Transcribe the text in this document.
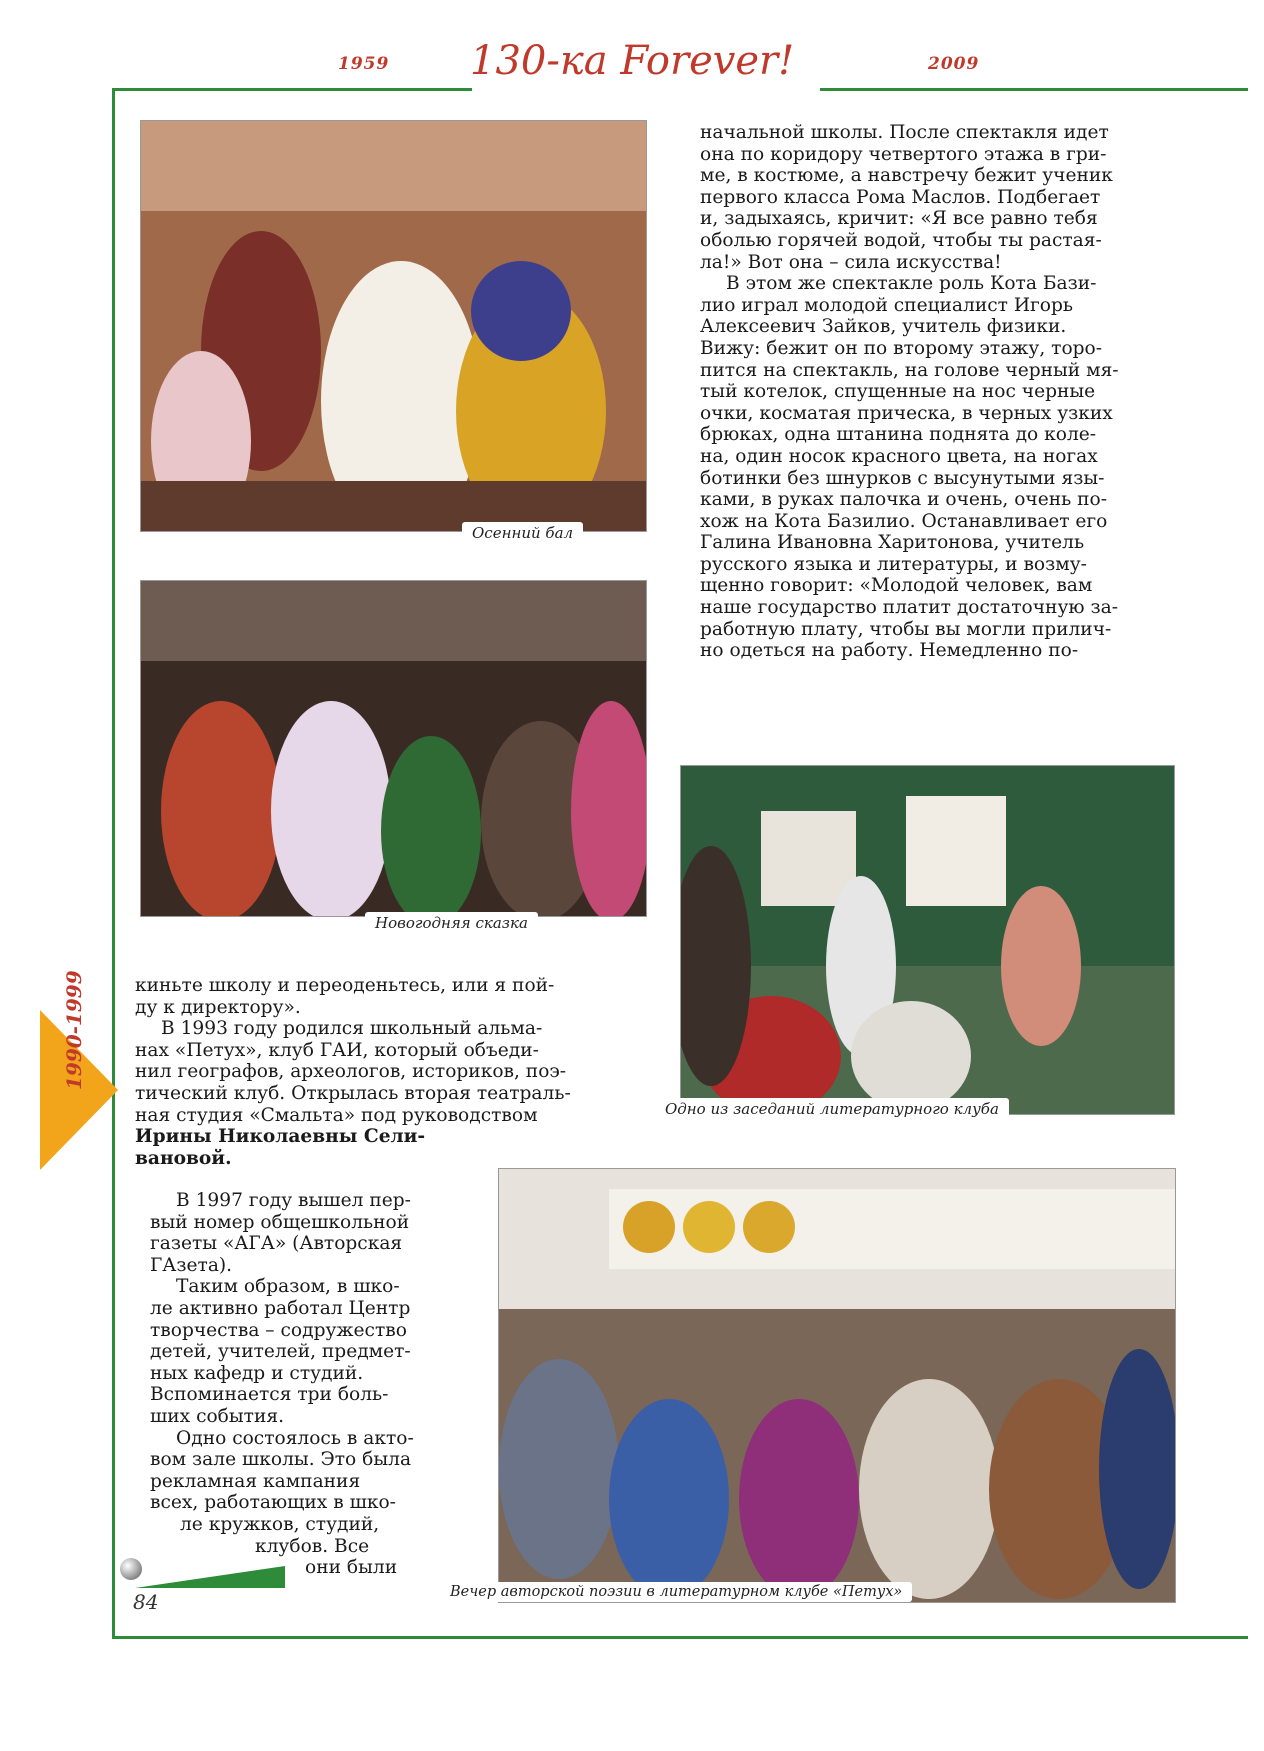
1959 130-ка Forever!	2009
Осенний бал
Новогодняя сказка
Одно из заседаний литературного клуба
Вечер авторской поэзии в литературном клубе «Петух»

начальной школы. После спектакля идет

она по коридору четвертого этажа в гри-

ме, в костюме, а навстречу бежит ученик

первого класса Рома Маслов. Подбегает

и, задыхаясь, кричит: «Я все равно тебя

оболью горячей водой, чтобы ты растая-

ла!» Вот она – сила искусства!

В этом же спектакле роль Кота Бази-

лио играл молодой специалист Игорь

Алексеевич Зайков, учитель физики.

Вижу: бежит он по второму этажу, торо-

пится на спектакль, на голове черный мя-

тый котелок, спущенные на нос черные

очки, косматая прическа, в черных узких

брюках, одна штанина поднята до коле-

на, один носок красного цвета, на ногах

ботинки без шнурков с высунутыми язы-

ками, в руках палочка и очень, очень по-

хож на Кота Базилио. Останавливает его

Галина Ивановна Харитонова, учитель

русского языка и литературы, и возму-

щенно говорит: «Молодой человек, вам

наше государство платит достаточную за-

работную плату, чтобы вы могли прилич-

но одеться на работу. Немедленно по-

киньте школу и переоденьтесь, или я пой-

ду к директору».

В 1993 году родился школьный альма-

нах «Петух», клуб ГАИ, который объеди-

нил географов, археологов, историков, поэ-

тический клуб. Открылась вторая театраль-

ная студия «Смальта» под руководством

Ирины Николаевны Сели-

вановой.

В 1997 году вышел пер-

вый номер общешкольной

газеты «АГА» (Авторская

ГАзета).

Таким образом, в шко-

ле активно работал Центр

творчества – содружество

детей, учителей, предмет-

ных кафедр и студий.

Вспоминается три боль-

ших события.

Одно состоялось в акто-

вом зале школы. Это была

рекламная кампания

всех, работающих в шко-

ле кружков, студий,

клубов. Все

они были

1990-1999
84
